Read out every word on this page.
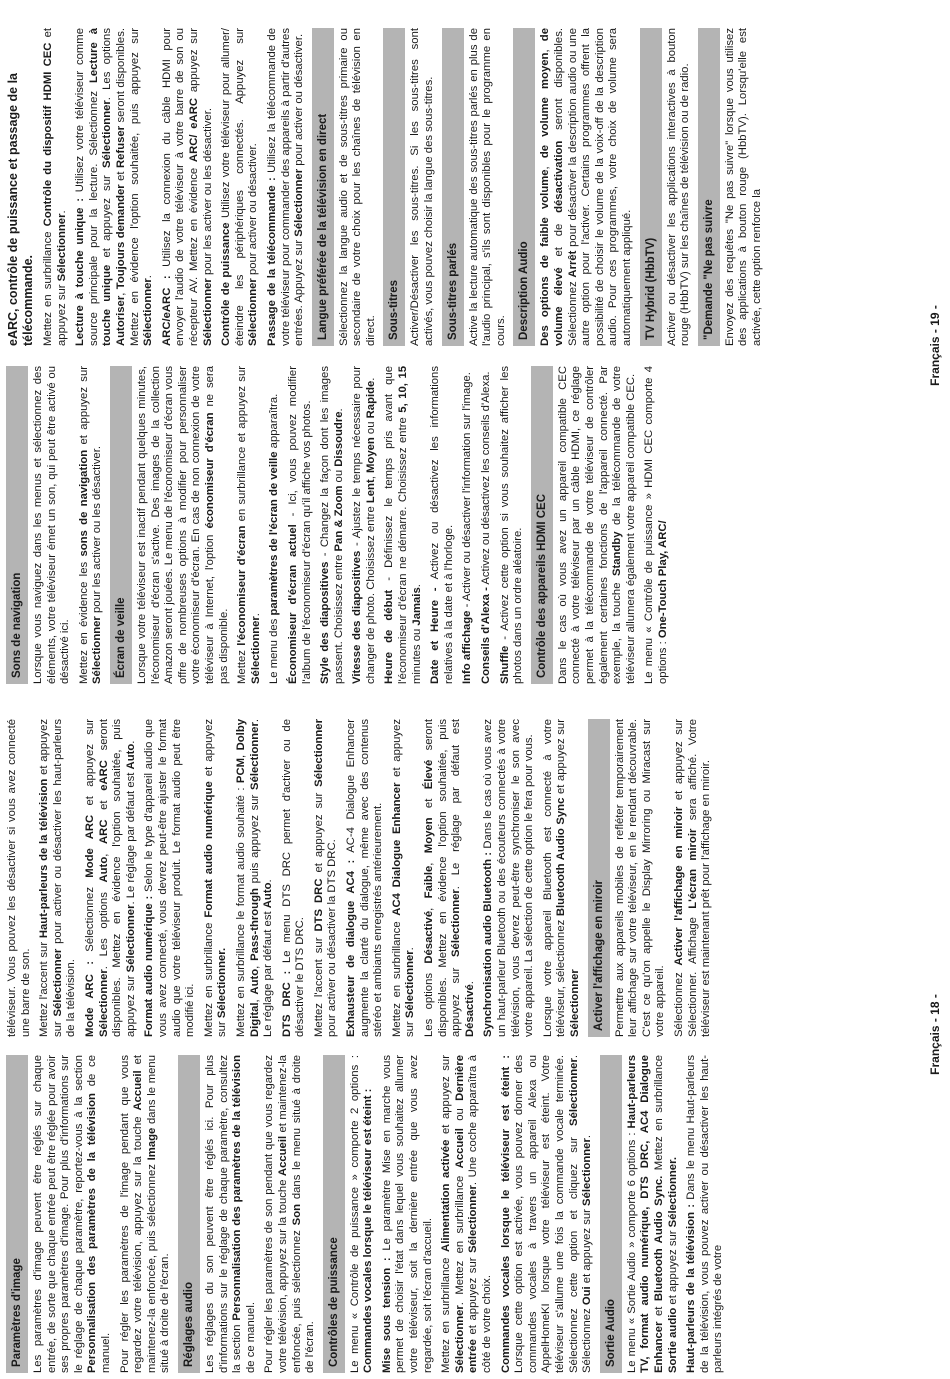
Paramètres d'image Les paramètres d'image peuvent être réglés sur chaque entrée, de sorte que chaque entrée peut être réglée pour avoir ses propres paramètres d'image. Pour plus d'informations sur le réglage de chaque paramètre, reportez-vous à la section Personnalisation des paramètres de la télévision de ce manuel. Pour régler les paramètres de l'image pendant que vous regardez votre télévision, appuyez sur la touche Accueil et maintenez-la enfoncée, puis sélectionnez Image dans le menu situé à droite de l'écran.	Réglages audio Les réglages du son peuvent être réglés ici. Pour plus d'informations sur le réglage de chaque paramètre, consultez la section Personnalisation des paramètres de la télévision de ce manuel. Pour régler les paramètres de son pendant que vous regardez votre télévision, appuyez sur la touche Accueil et maintenez-la enfoncée, puis sélectionnez Son dans le menu situé à droite de l'écran.	Contrôles de puissance Le menu « Contrôle de puissance » comporte 2 options : Commandes vocales lorsque le téléviseur est éteint : Mise sous tension : Le paramètre Mise en marche vous permet de choisir l'état dans lequel vous souhaitez allumer votre téléviseur, soit la dernière entrée que vous avez regardée, soit l'écran d'accueil. Mettez en surbrillance Alimentation activée et appuyez sur Sélectionner. Mettez en surbrillance Accueil ou Dernière entrée et appuyez sur Sélectionner. Une coche apparaîtra à côté de votre choix. Commandes vocales lorsque le téléviseur est éteint : Lorsque cette option est activée, vous pouvez donner des commandes vocales à travers un appareil Alexa ou AppelHomeKI lorsque votre téléviseur est éteint. Votre téléviseur s'allume une fois la commande vocale terminée. Sélectionnez cette option et cliquez sur Sélectionner. Sélectionnez Oui et appuyez sur Sélectionner.
Sortie Audio Le menu « Sortie Audio » comporte 6 options : Haut-parleurs TV, format audio numérique, DTS DRC, AC4 Dialogue Enhancer et Bluetooth Audio Sync. Mettez en surbrillance Sortie audio et appuyez sur Sélectionner.
Haut-parleurs de la télévision : Dans le menu Haut-parleurs de la télévision, vous pouvez activer ou désactiver les haut-parleurs intégrés de votre
téléviseur. Vous pouvez les désactiver si vous avez connecté une barre de son. Mettez l'accent sur Haut-parleurs de la télévision et appuyez sur Sélectionner pour activer ou désactiver les haut-parleurs de la télévision. Mode ARC : Sélectionnez Mode ARC et appuyez sur Sélectionner. Les options Auto, ARC et eARC seront disponibles. Mettez en évidence l'option souhaitée, puis appuyez sur Sélectionner. Le réglage par défaut est Auto.
Format audio numérique : Selon le type d'appareil audio que vous avez connecté, vous devrez peut-être ajuster le format audio que votre téléviseur produit. Le format audio peut être modifié ici. Mettez en surbrillance Format audio numérique et appuyez sur Sélectionner. Mettez en surbrillance le format audio souhaité : PCM, Dolby Digital, Auto, Pass-through puis appuyez sur Sélectionner. Le réglage par défaut est Auto.
DTS DRC : Le menu DTS DRC permet d'activer ou de désactiver le DTS DRC. Mettez l'accent sur DTS DRC et appuyez sur Sélectionner pour activer ou désactiver la DTS DRC. Exhausteur de dialogue AC4 : AC-4 Dialogue Enhancer augmente la clarté du dialogue, même avec des contenus stéréo et ambiants enregistrés antérieurement. Mettez en surbrillance AC4 Dialogue Enhancer et appuyez sur Sélectionner.
Les options Désactivé, Faible, Moyen et Élevé seront disponibles. Mettez en évidence l'option souhaitée, puis appuyez sur Sélectionner. Le réglage par défaut est Désactivé. Synchronisation audio Bluetooth : Dans le cas où vous avez un haut-parleur Bluetooth ou des écouteurs connectés à votre télévision, vous devrez peut-être synchroniser le son avec votre appareil. La sélection de cette option le fera pour vous. Lorsque votre appareil Bluetooth est connecté à votre téléviseur, sélectionnez Bluetooth Audio Sync et appuyez sur Sélectionner	Activer l'affichage en miroir Permettre aux appareils mobiles de refléter temporairement leur affichage sur votre téléviseur, en le rendant découvrable. C'est ce qu'on appelle le Display Mirroring ou Miracast sur votre appareil. Sélectionnez Activer l'affichage en miroir et appuyez sur Sélectionner. Affichage L'écran miroir sera affiché. Votre téléviseur est maintenant prêt pour l'affichage en miroir.	Français - 18 -
Sons de navigation Lorsque vous naviguez dans les menus et sélectionnez des éléments, votre téléviseur émet un son, qui peut être activé ou désactivé ici. Mettez en évidence les sons de navigation et appuyez sur Sélectionner pour les activer ou les désactiver.
Écran de veille Lorsque votre téléviseur est inactif pendant quelques minutes, l'économiseur d'écran s'active. Des images de la collection Amazon seront jouées. Le menu de l'économiseur d'écran vous offre de nombreuses options à modifier pour personnaliser votre économiseur d'écran. En cas de non connexion de votre téléviseur à Internet, l'option économiseur d'écran ne sera pas disponible. Mettez l'économiseur d'écran en surbrillance et appuyez sur Sélectionner.
Le menu des paramètres de l'écran de veille apparaîtra.
Économiseur d'écran actuel - Ici, vous pouvez modifier l'album de l'économiseur d'écran qu'il affiche vos photos. Style des diapositives - Changez la façon dont les images passent. Choisissez entre Pan & Zoom ou Dissoudre.
Vitesse des diapositives - Ajustez le temps nécessaire pour changer de photo. Choisissez entre Lent, Moyen ou Rapide.
Heure de début - Définissez le temps pris avant que l'économiseur d'écran ne démarre. Choisissez entre 5, 10, 15 minutes ou Jamais.
Date et Heure - Activez ou désactivez les informations relatives à la date et à l'horloge. Info affichage - Activer ou désactiver l'information sur l'image.
Conseils d'Alexa - Activez ou désactivez les conseils d'Alexa.
Shuffle - Activez cette option si vous souhaitez afficher les photos dans un ordre aléatoire.	Contrôle des appareils HDMI CEC Dans le cas où vous avez un appareil compatible CEC connecté à votre téléviseur par un câble HDMI, ce réglage permet à la télécommande de votre téléviseur de contrôler également certaines fonctions de l'appareil connecté. Par exemple, la touche Standby de la télécommande de votre téléviseur allumera également votre appareil compatible CEC. Le menu « Contrôle de puissance » HDMI CEC comporte 4 options : One-Touch Play, ARC/
eARC, contrôle de puissance et passage de la télécommande. Mettez en surbrillance Contrôle du dispositif HDMI CEC et appuyez sur Sélectionner. Lecture à touche unique : Utilisez votre téléviseur comme source principale pour la lecture. Sélectionnez Lecture à touche unique et appuyez sur Sélectionner. Les options Autoriser, Toujours demander et Refuser seront disponibles. Mettez en évidence l'option souhaitée, puis appuyez sur Sélectionner. ARC/eARC : Utilisez la connexion du câble HDMI pour envoyer l'audio de votre téléviseur à votre barre de son ou récepteur AV. Mettez en évidence ARC/ eARC appuyez sur Sélectionner pour les activer ou les désactiver.
Contrôle de puissance Utilisez votre téléviseur pour allumer/éteindre les périphériques connectés. Appuyez sur Sélectionner pour activer ou désactiver. Passage de la télécommande : Utilisez la télécommande de votre téléviseur pour commander des appareils à partir d'autres entrées. Appuyez sur Sélectionner pour activer ou désactiver.
Langue préférée de la télévision en direct Sélectionnez la langue audio et de sous-titres primaire ou secondaire de votre choix pour les chaînes de télévision en direct.	Sous-titres Activer/Désactiver les sous-titres. Si les sous-titres sont activés, vous pouvez choisir la langue des sous-titres.	Sous-titres parlés Active la lecture automatique des sous-titres parlés en plus de l'audio principal, s'ils sont disponibles pour le programme en cours.	Description Audio Des options de faible volume, de volume moyen, de volume élevé et de désactivation seront disponibles. Sélectionnez Arrêt pour désactiver la description audio ou une autre option pour l'activer. Certains programmes offrent la possibilité de choisir le volume de la voix-off de la description audio. Pour ces programmes, votre choix de volume sera automatiquement appliqué.	TV Hybrid (HbbTV) Activer ou désactiver les applications interactives à bouton rouge (HbbTV) sur les chaînes de télévision ou de radio.	"Demande "Ne pas suivre Envoyez des requêtes "Ne pas suivre" lorsque vous utilisez des applications à bouton rouge (HbbTV). Lorsqu'elle est activée, cette option renforce la	Français - 19 -
